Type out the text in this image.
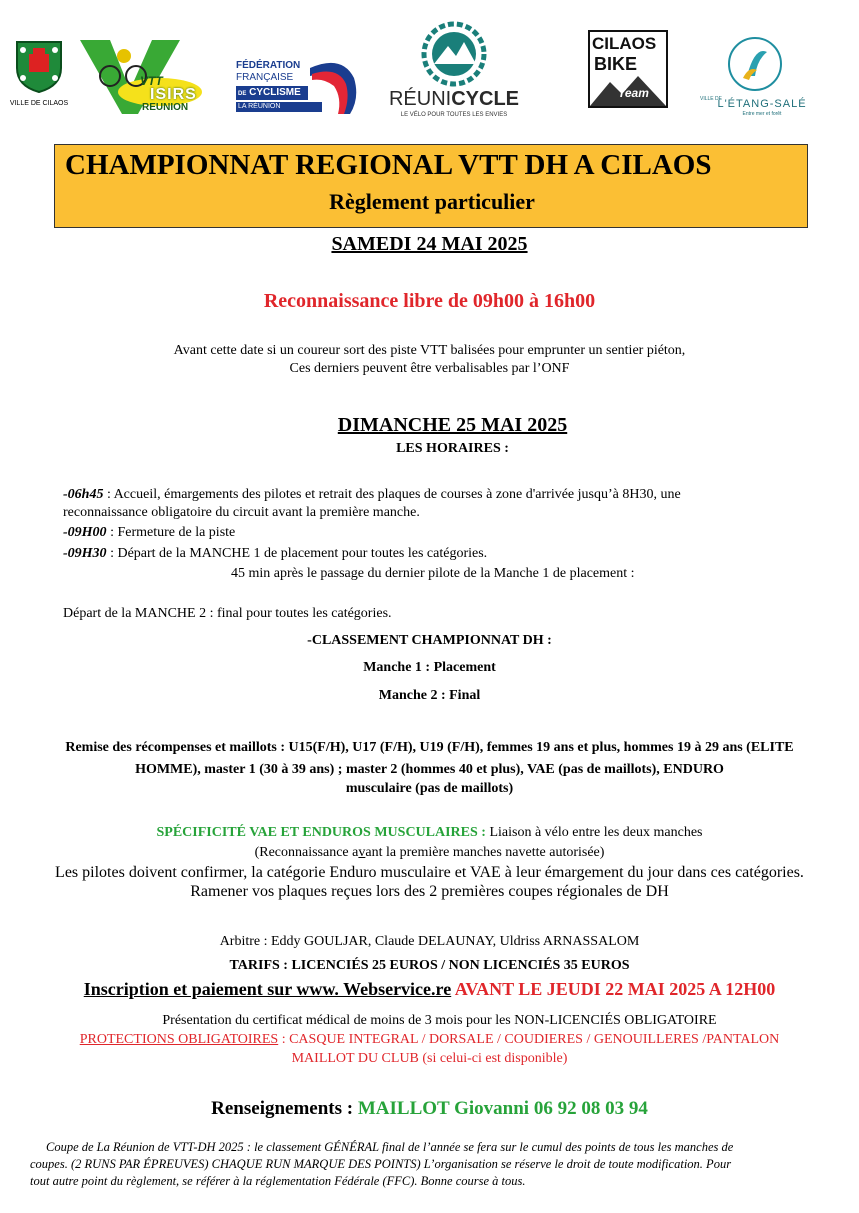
VILLE DE CILAOS
VTT
ISIRS
REUNION
FÉDÉRATION
FRANÇAISE
DE CYCLISME
LA RÉUNION	RÉUNICYCLE
LE VÉLO POUR TOUTES LES ENVIES
CILAOS
BIKE
Team	VILLE DE
L'ÉTANG-SALÉ
Entre mer et forêt
CHAMPIONNAT REGIONAL VTT DH A CILAOS
Règlement particulier
SAMEDI 24 MAI 2025
Reconnaissance libre de 09h00 à 16h00
Avant cette date si un coureur sort des piste VTT balisées pour emprunter un sentier piéton,
Ces derniers peuvent être verbalisables par l’ONF
DIMANCHE 25 MAI 2025
LES HORAIRES :
-06h45 : Accueil, émargements des pilotes et retrait des plaques de courses à zone d'arrivée jusqu’à 8H30, une
reconnaissance obligatoire du circuit avant la première manche.
-09H00 : Fermeture de la piste
-09H30 : Départ de la MANCHE 1 de placement pour toutes les catégories.
45 min après le passage du dernier pilote de la Manche 1 de placement :
Départ de la MANCHE 2 : final pour toutes les catégories.
-CLASSEMENT CHAMPIONNAT DH :
Manche 1 : Placement
Manche 2 : Final
Remise des récompenses et maillots : U15(F/H), U17 (F/H), U19 (F/H), femmes 19 ans et plus, hommes 19 à 29 ans (ELITE
HOMME), master 1 (30 à 39 ans) ; master 2 (hommes 40 et plus), VAE (pas de maillots), ENDURO
musculaire (pas de maillots)
SPÉCIFICITÉ VAE ET ENDUROS MUSCULAIRES : Liaison à vélo entre les deux manches
(Reconnaissance avant la première manches navette autorisée)
Les pilotes doivent confirmer, la catégorie Enduro musculaire et VAE à leur émargement du jour dans ces catégories.
Ramener vos plaques reçues lors des 2 premières coupes régionales de DH
Arbitre : Eddy GOULJAR, Claude DELAUNAY, Uldriss ARNASSALOM
TARIFS : LICENCIÉS 25 EUROS / NON LICENCIÉS 35 EUROS
Inscription et paiement sur www. Webservice.re AVANT LE JEUDI 22 MAI 2025 A 12H00
Présentation du certificat médical de moins de 3 mois pour les NON-LICENCIÉS OBLIGATOIRE
PROTECTIONS OBLIGATOIRES : CASQUE INTEGRAL / DORSALE / COUDIERES / GENOUILLERES /PANTALON
MAILLOT DU CLUB (si celui-ci est disponible)
Renseignements : MAILLOT Giovanni 06 92 08 03 94
Coupe de La Réunion de VTT-DH 2025 : le classement GÉNÉRAL final de l’année se fera sur le cumul des points de tous les manches de
coupes. (2 RUNS PAR ÉPREUVES) CHAQUE RUN MARQUE DES POINTS) L’organisation se réserve le droit de toute modification. Pour
tout autre point du règlement, se référer à la réglementation Fédérale (FFC). Bonne course à tous.
